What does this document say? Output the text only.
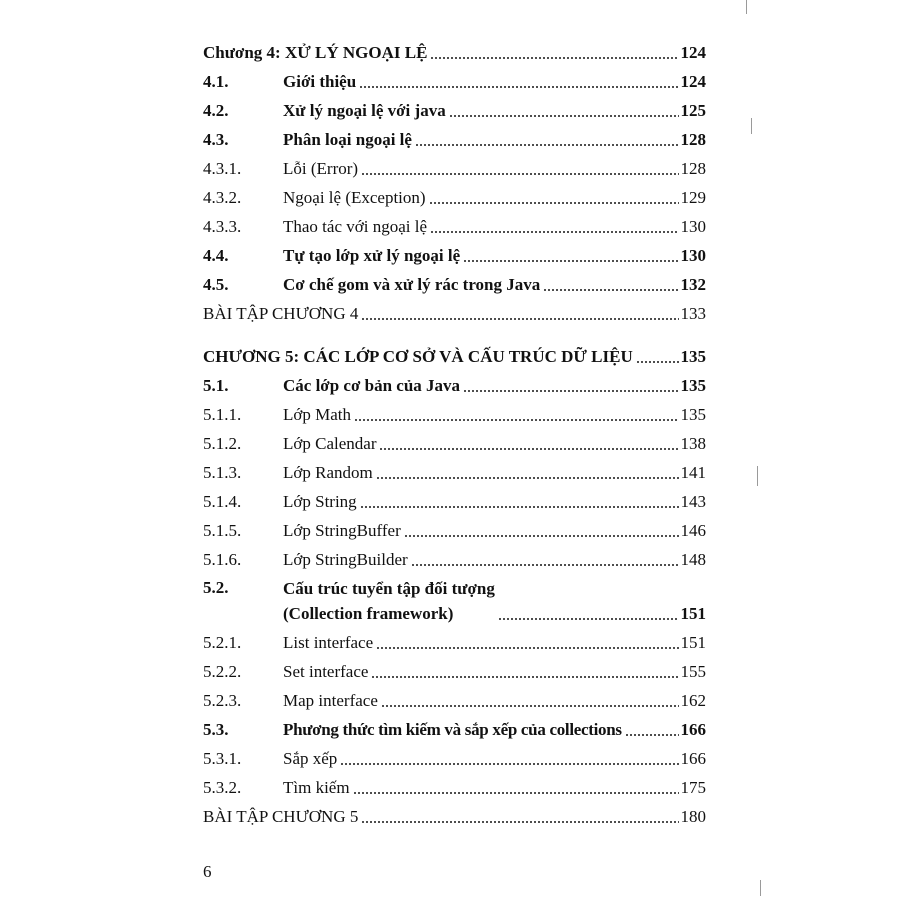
Chương 4: XỬ LÝ NGOẠI LỆ	124
4.1.	Giới thiệu	124
4.2.	Xử lý ngoại lệ với java	125
4.3.	Phân loại ngoại lệ	128
4.3.1.	Lỗi (Error)	128
4.3.2.	Ngoại lệ (Exception)	129
4.3.3.	Thao tác với ngoại lệ	130
4.4.	Tự tạo lớp xử lý ngoại lệ	130
4.5.	Cơ chế gom và xử lý rác trong Java	132
BÀI TẬP CHƯƠNG 4	133
CHƯƠNG 5: CÁC LỚP CƠ SỞ VÀ CẤU TRÚC DỮ LIỆU	135
5.1.	Các lớp cơ bản của Java	135
5.1.1.	Lớp Math	135
5.1.2.	Lớp Calendar	138
5.1.3.	Lớp Random	141
5.1.4.	Lớp String	143
5.1.5.	Lớp StringBuffer	146
5.1.6.	Lớp StringBuilder	148
5.2.	Cấu trúc tuyển tập đối tượng
(Collection framework)	151
5.2.1.	List interface	151
5.2.2.	Set interface	155
5.2.3.	Map interface	162
5.3.	Phương thức tìm kiếm và sắp xếp của collections	166
5.3.1.	Sắp xếp	166
5.3.2.	Tìm kiếm	175
BÀI TẬP CHƯƠNG 5	180
6
